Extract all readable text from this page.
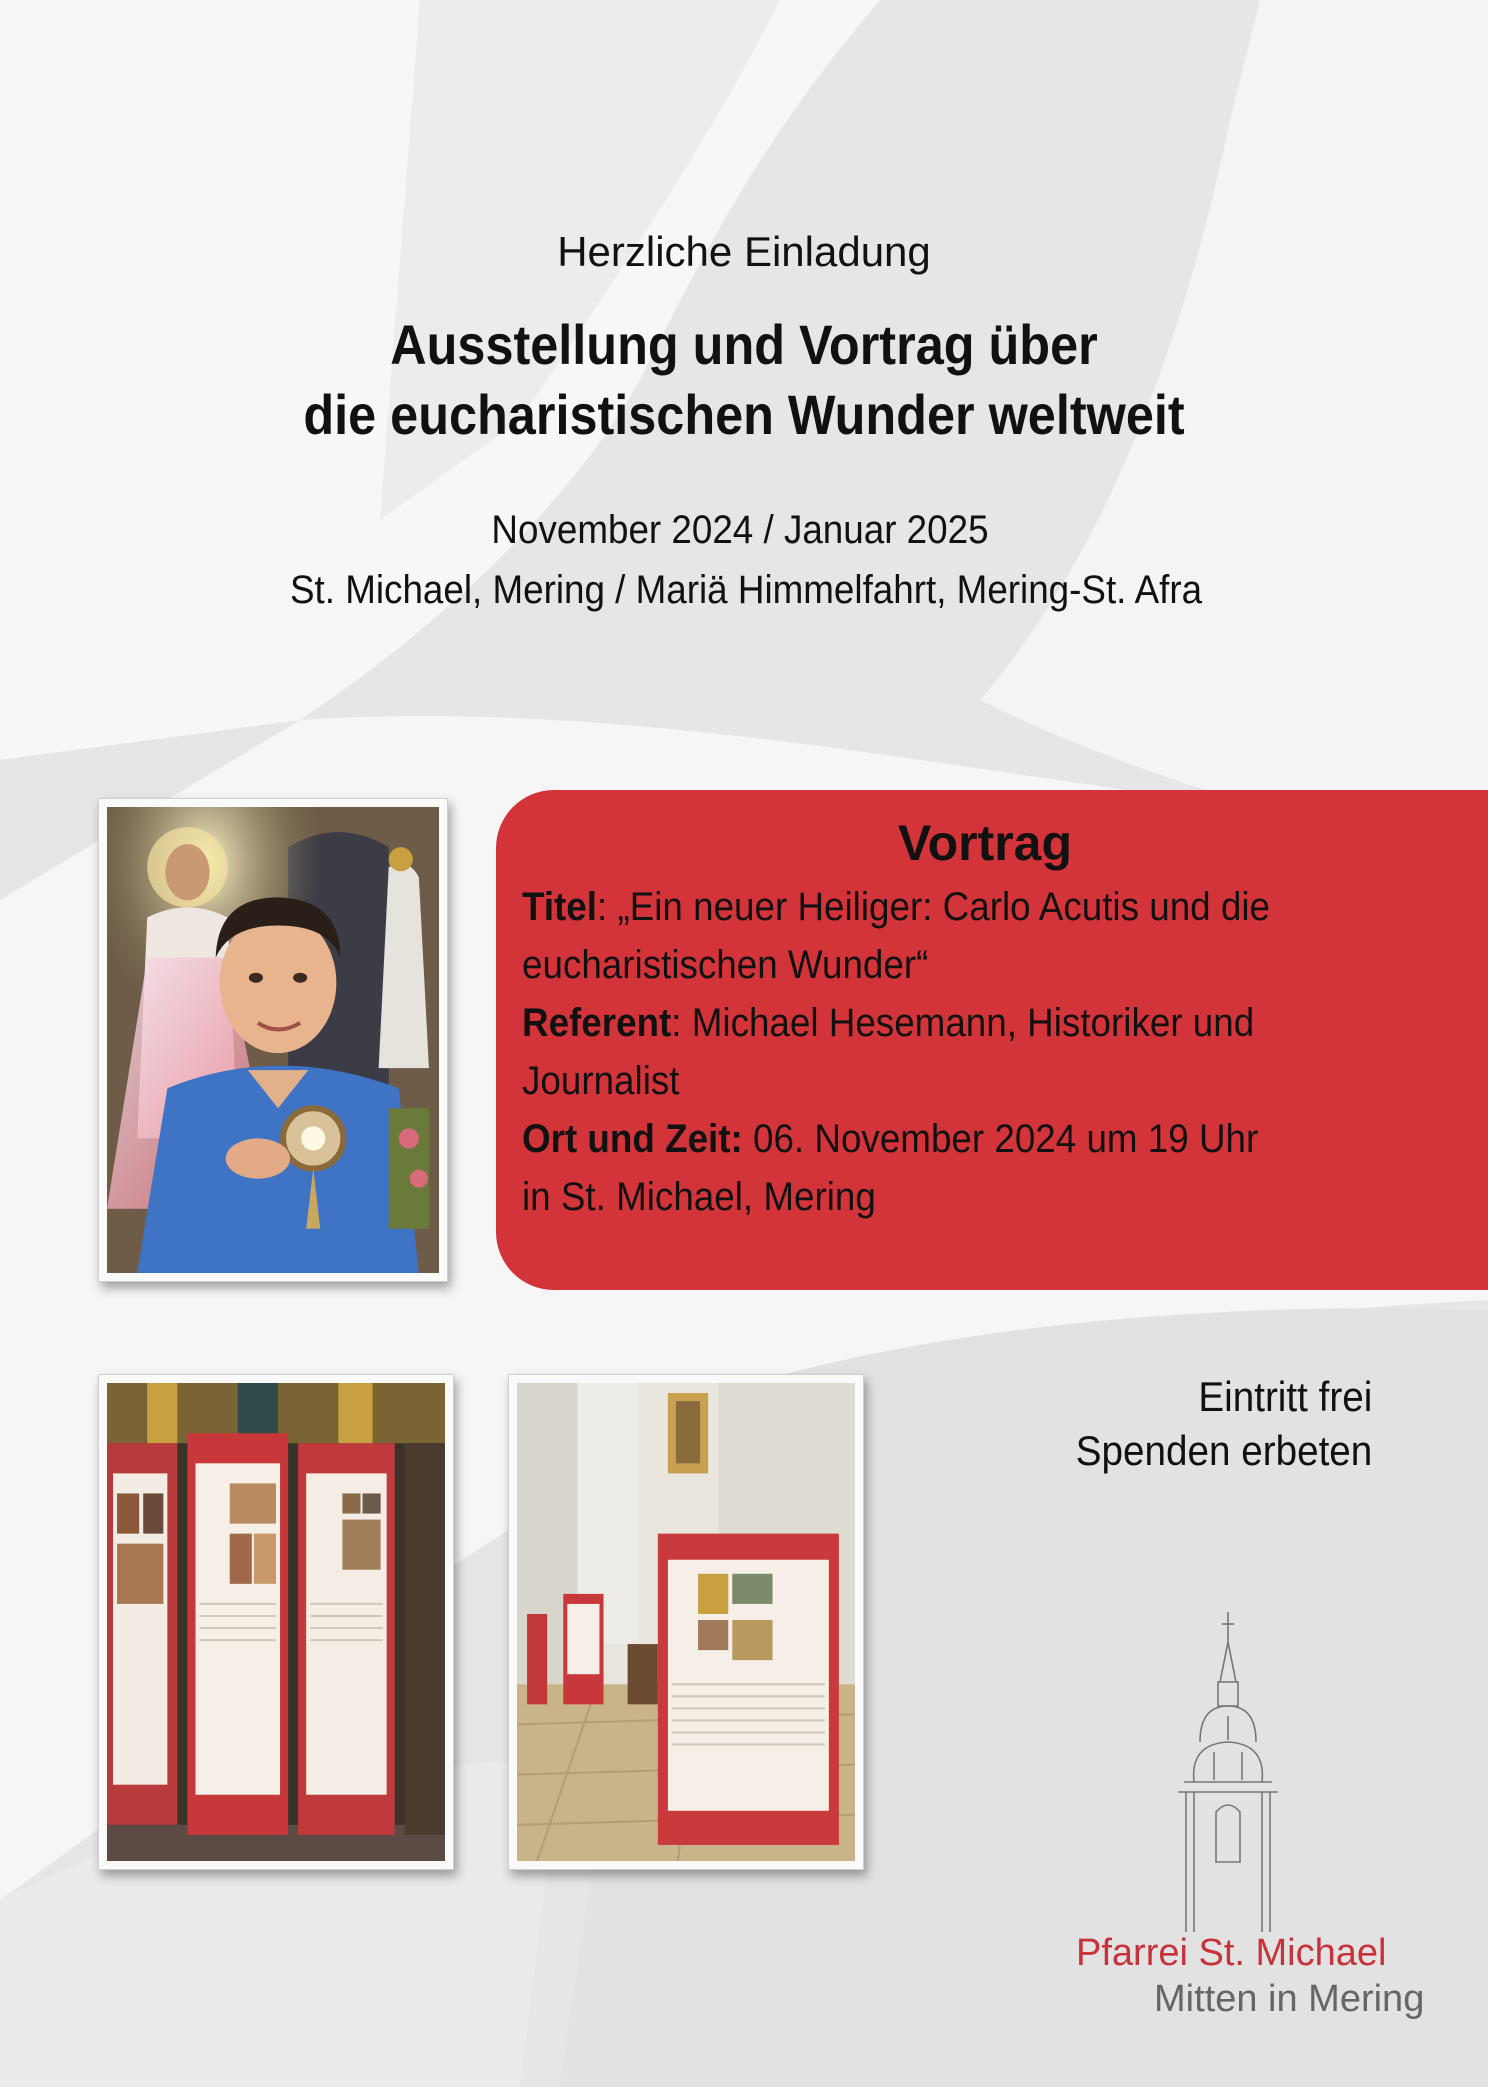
Herzliche Einladung
Ausstellung und Vortrag über
die eucharistischen Wunder weltweit
November 2024 / Januar 2025
St. Michael, Mering / Mariä Himmelfahrt, Mering-St. Afra
Vortrag
Titel: „Ein neuer Heiliger: Carlo Acutis und die
eucharistischen Wunder“
Referent: Michael Hesemann, Historiker und
Journalist
Ort und Zeit: 06. November 2024 um 19 Uhr
in St. Michael, Mering
Eintritt frei
Spenden erbeten
Pfarrei St. Michael
Mitten in Mering
